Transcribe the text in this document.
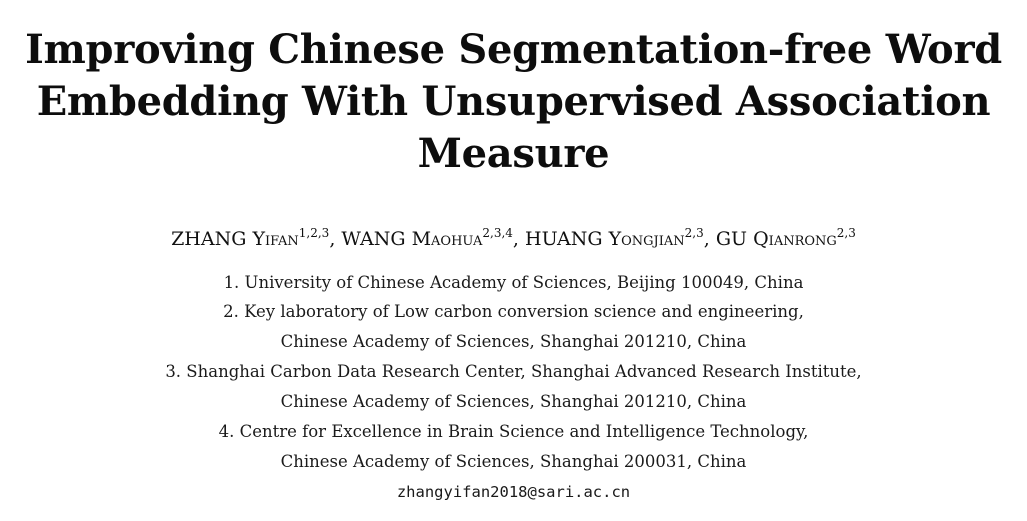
Improving Chinese Segmentation-free Word
Embedding With Unsupervised Association
Measure
ZHANG Yifan$^{1,2,3}$, WANG Maohua$^{2,3,4}$, HUANG Yongjian$^{2,3}$, GU Qianrong$^{2,3}$
1. University of Chinese Academy of Sciences, Beijing 100049, China
2. Key laboratory of Low carbon conversion science and engineering,
Chinese Academy of Sciences, Shanghai 201210, China
3. Shanghai Carbon Data Research Center, Shanghai Advanced Research Institute,
Chinese Academy of Sciences, Shanghai 201210, China
4. Centre for Excellence in Brain Science and Intelligence Technology,
Chinese Academy of Sciences, Shanghai 200031, China
zhangyifan2018@sari.ac.cn
